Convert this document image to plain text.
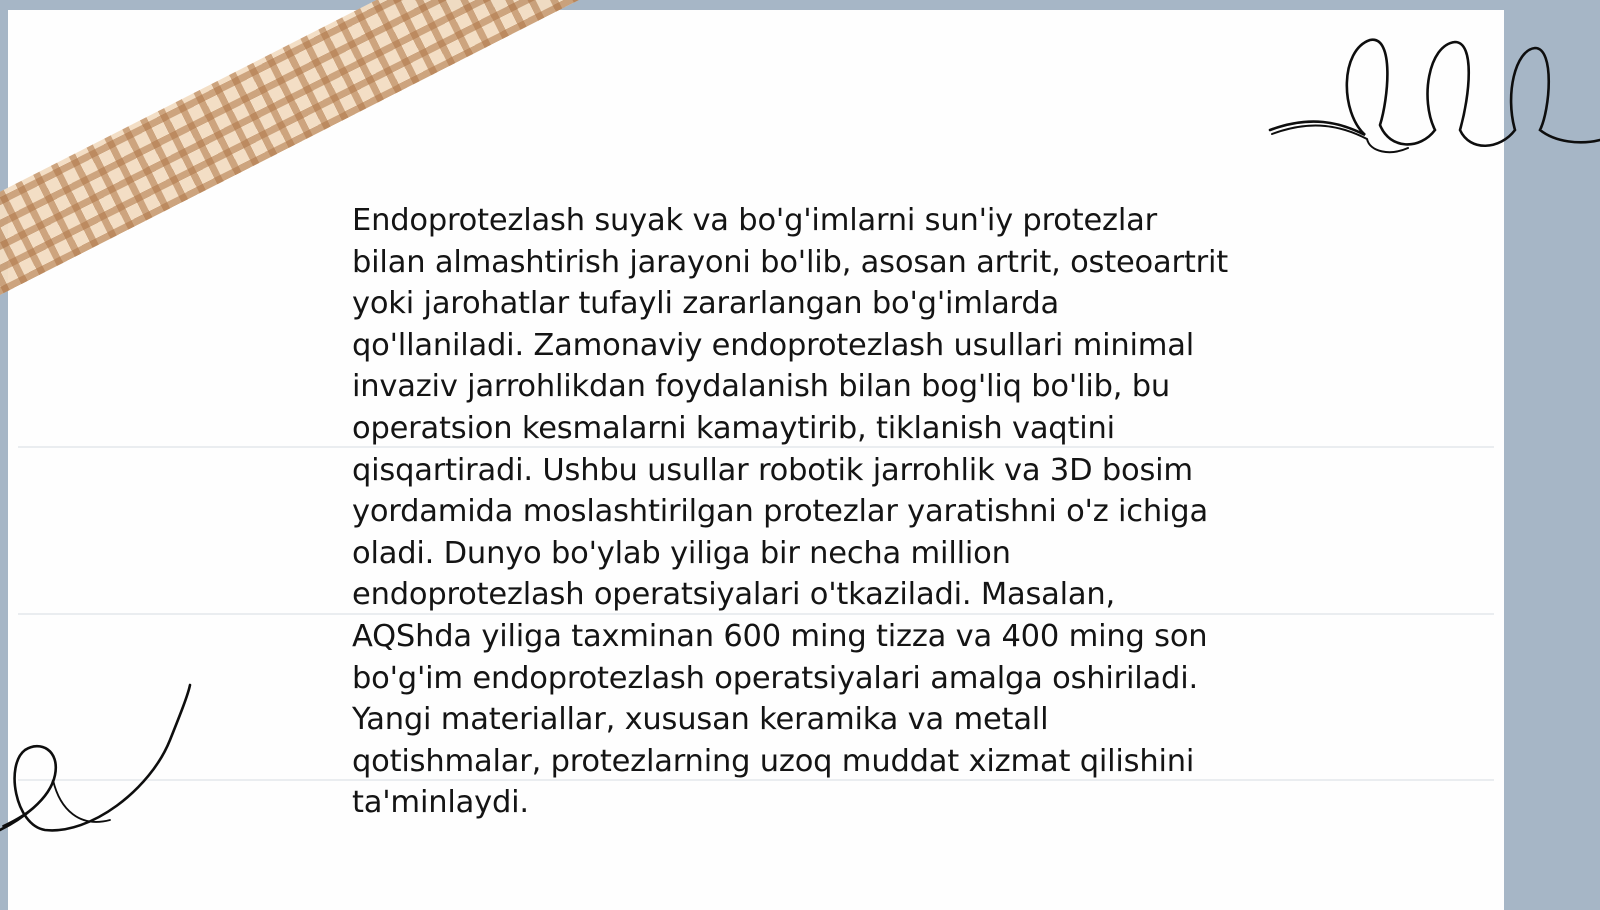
Endoprotezlash suyak va bo'g'imlarni sun'iy protezlar bilan almashtirish jarayoni bo'lib, asosan artrit, osteoartrit yoki jarohatlar tufayli zararlangan bo'g'imlarda qo'llaniladi. Zamonaviy endoprotezlash usullari minimal invaziv jarrohlikdan foydalanish bilan bog'liq bo'lib, bu operatsion kesmalarni kamaytirib, tiklanish vaqtini qisqartiradi. Ushbu usullar robotik jarrohlik va 3D bosim yordamida moslashtirilgan protezlar yaratishni o'z ichiga oladi. Dunyo bo'ylab yiliga bir necha million endoprotezlash operatsiyalari o'tkaziladi. Masalan, AQShda yiliga taxminan 600 ming tizza va 400 ming son bo'g'im endoprotezlash operatsiyalari amalga oshiriladi. Yangi materiallar, xususan keramika va metall qotishmalar, protezlarning uzoq muddat xizmat qilishini ta'minlaydi.
